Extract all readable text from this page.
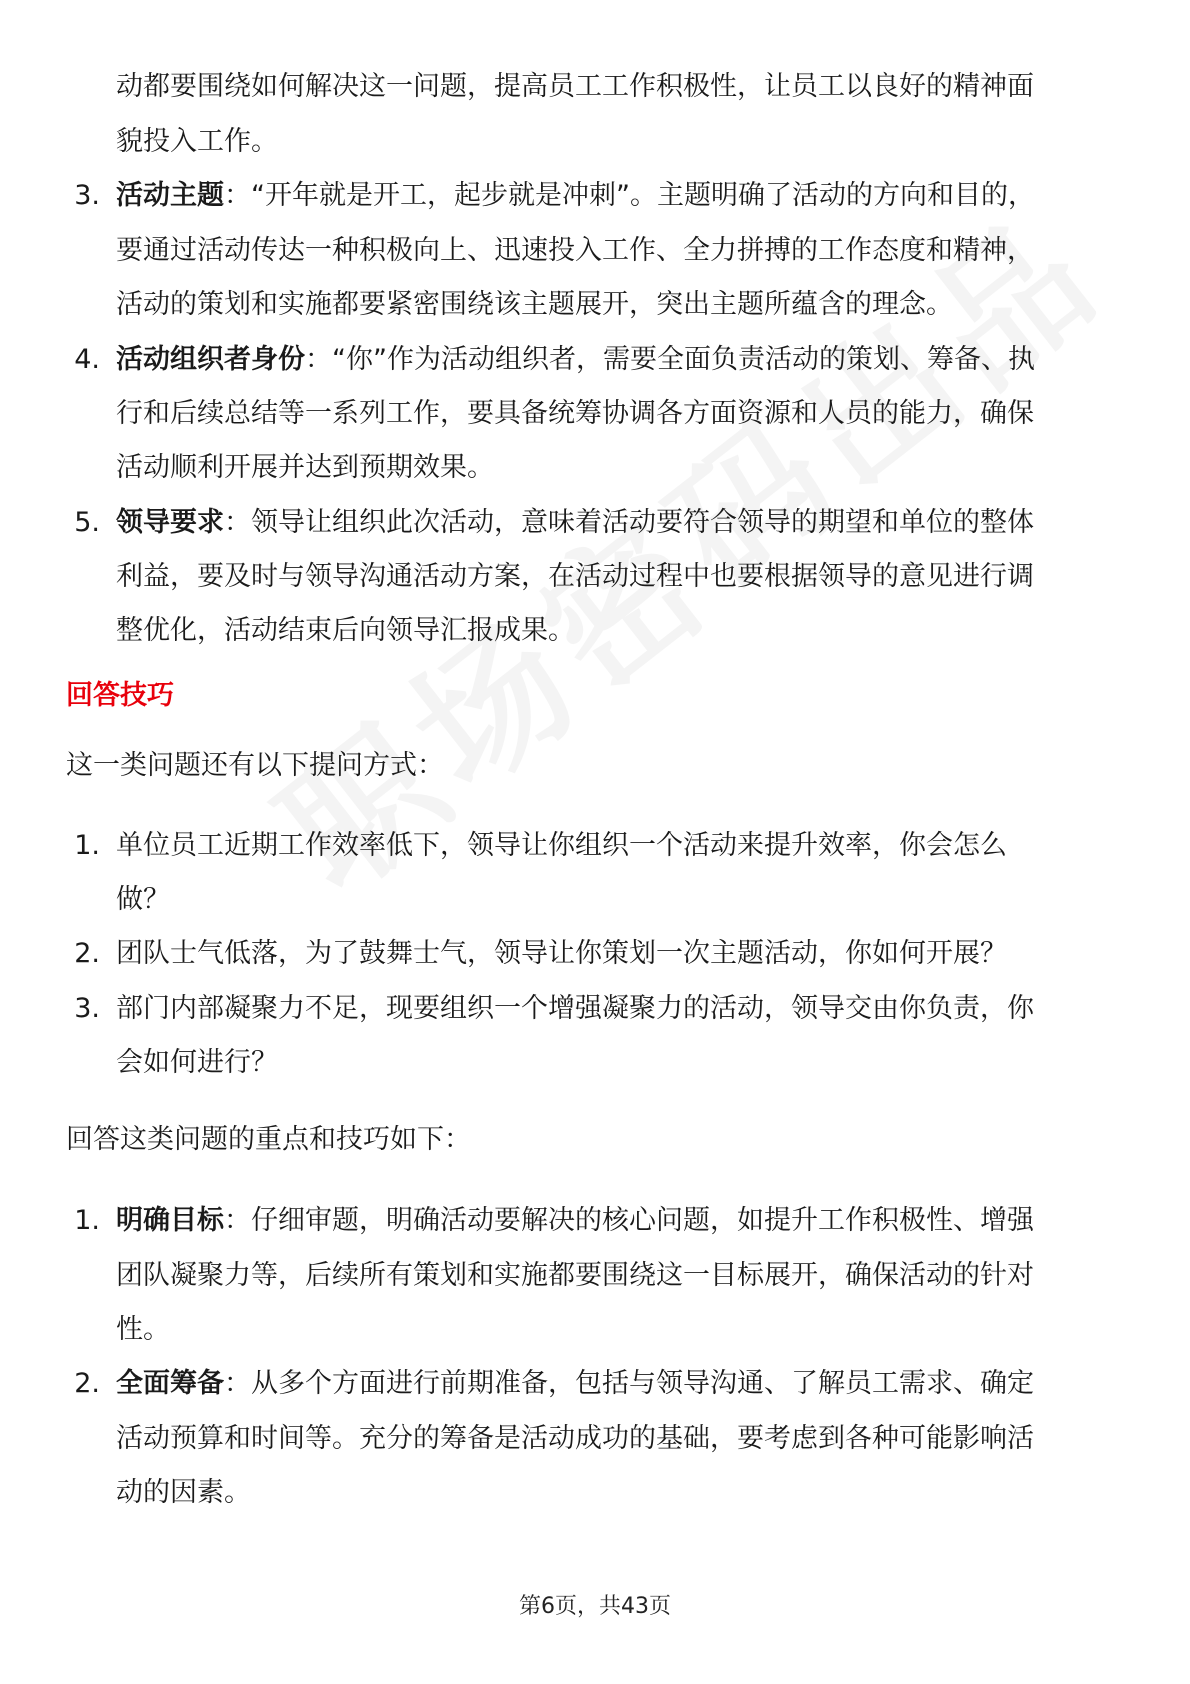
动都要围绕如何解决这一问题，提高员工工作积极性，让员工以良好的精神面
貌投入工作。
3. 活动主题：“开年就是开工，起步就是冲刺”。主题明确了活动的方向和目的，
要通过活动传达一种积极向上、迅速投入工作、全力拼搏的工作态度和精神，
活动的策划和实施都要紧密围绕该主题展开，突出主题所蕴含的理念。
4. 活动组织者身份：“你”作为活动组织者，需要全面负责活动的策划、筹备、执
行和后续总结等一系列工作，要具备统筹协调各方面资源和人员的能力，确保
活动顺利开展并达到预期效果。
5. 领导要求：领导让组织此次活动，意味着活动要符合领导的期望和单位的整体
利益，要及时与领导沟通活动方案，在活动过程中也要根据领导的意见进行调
整优化，活动结束后向领导汇报成果。
回答技巧
这一类问题还有以下提问方式：
1. 单位员工近期工作效率低下，领导让你组织一个活动来提升效率，你会怎么
做？
2. 团队士气低落，为了鼓舞士气，领导让你策划一次主题活动，你如何开展？
3. 部门内部凝聚力不足，现要组织一个增强凝聚力的活动，领导交由你负责，你
会如何进行？
回答这类问题的重点和技巧如下：
1. 明确目标：仔细审题，明确活动要解决的核心问题，如提升工作积极性、增强
团队凝聚力等，后续所有策划和实施都要围绕这一目标展开，确保活动的针对
性。
2. 全面筹备：从多个方面进行前期准备，包括与领导沟通、了解员工需求、确定
活动预算和时间等。充分的筹备是活动成功的基础，要考虑到各种可能影响活
动的因素。
第6页，共43页
